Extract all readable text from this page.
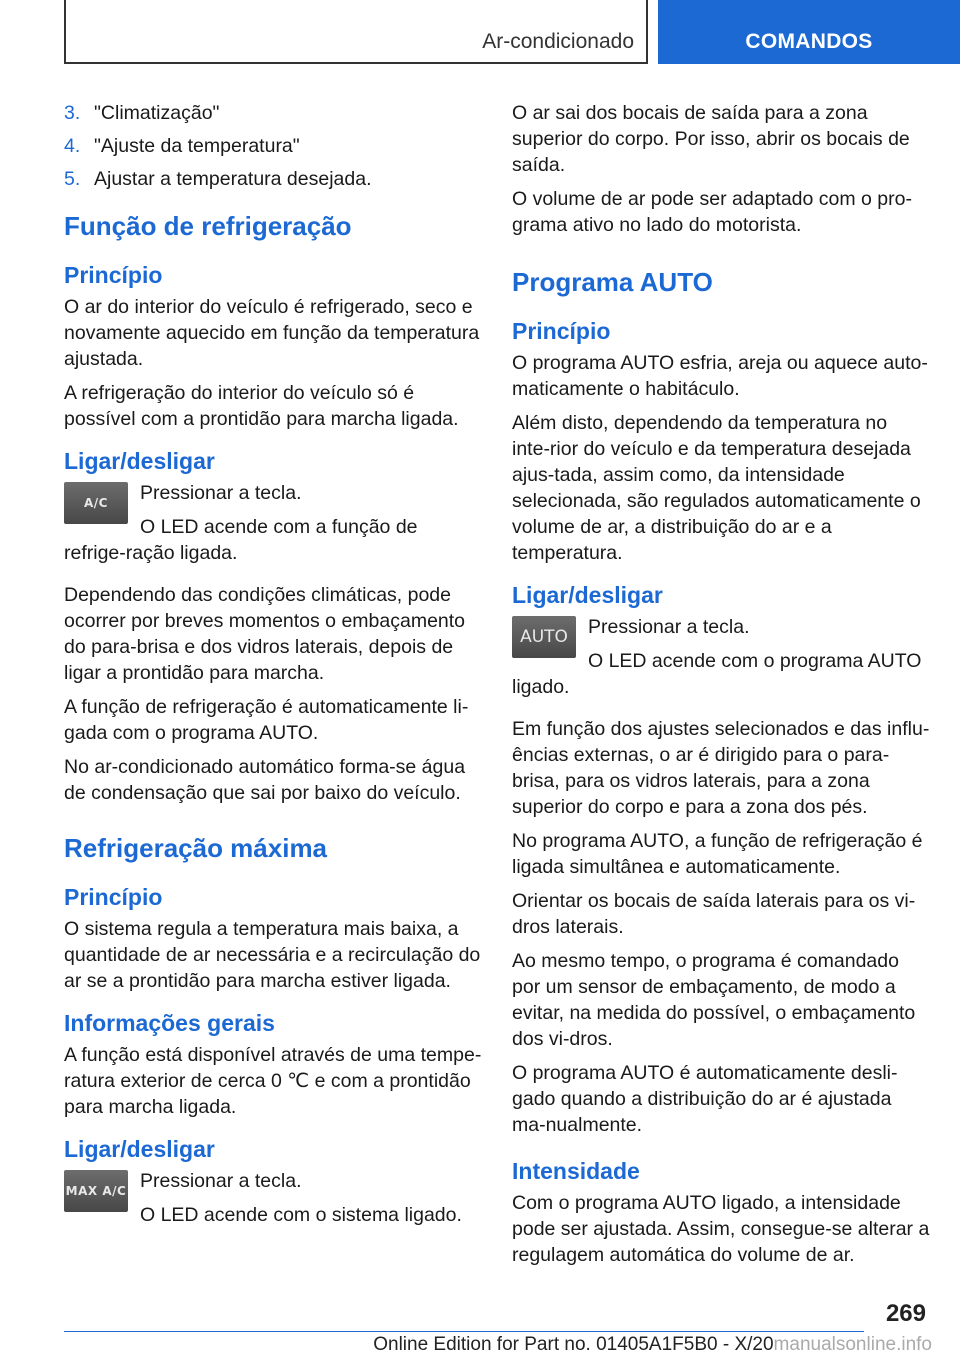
Ar-condicionado	COMANDOS
3. "Climatização"
4. "Ajuste da temperatura"
5. Ajustar a temperatura desejada.
Função de refrigeração
Princípio

O ar do interior do veículo é refrigerado, seco e novamente aquecido em função da temperatura ajustada.

A refrigeração do interior do veículo só é possível com a prontidão para marcha ligada.

Ligar/desligar
A/C	Pressionar a tecla.

O LED acende com a função de refrige-ração ligada.

Dependendo das condições climáticas, pode ocorrer por breves momentos o embaçamento do para-brisa e dos vidros laterais, depois de ligar a prontidão para marcha.

A função de refrigeração é automaticamente li-gada com o programa AUTO.

No ar-condicionado automático forma-se água de condensação que sai por baixo do veículo.

Refrigeração máxima
Princípio

O sistema regula a temperatura mais baixa, a quantidade de ar necessária e a recirculação do ar se a prontidão para marcha estiver ligada.

Informações gerais

A função está disponível através de uma tempe-ratura exterior de cerca 0 ℃ e com a prontidão para marcha ligada.

Ligar/desligar
MAX A/C Pressionar a tecla.

O LED acende com o sistema ligado.

O ar sai dos bocais de saída para a zona superior do corpo. Por isso, abrir os bocais de saída.

O volume de ar pode ser adaptado com o pro-grama ativo no lado do motorista.

Programa AUTO
Princípio

O programa AUTO esfria, areja ou aquece auto-maticamente o habitáculo.

Além disto, dependendo da temperatura no inte-rior do veículo e da temperatura desejada ajus-tada, assim como, da intensidade selecionada, são regulados automaticamente o volume de ar, a distribuição do ar e a temperatura.

Ligar/desligar
AUTO	Pressionar a tecla.

O LED acende com o programa AUTO ligado.

Em função dos ajustes selecionados e das influ-ências externas, o ar é dirigido para o para-brisa, para os vidros laterais, para a zona superior do corpo e para a zona dos pés.

No programa AUTO, a função de refrigeração é ligada simultânea e automaticamente.

Orientar os bocais de saída laterais para os vi-dros laterais.

Ao mesmo tempo, o programa é comandado por um sensor de embaçamento, de modo a evitar, na medida do possível, o embaçamento dos vi-dros.

O programa AUTO é automaticamente desli-gado quando a distribuição do ar é ajustada ma-nualmente.

Intensidade

Com o programa AUTO ligado, a intensidade pode ser ajustada. Assim, consegue-se alterar a regulagem automática do volume de ar.

269
Online Edition for Part no. 01405A1F5B0 - X/20manualsonline.info
